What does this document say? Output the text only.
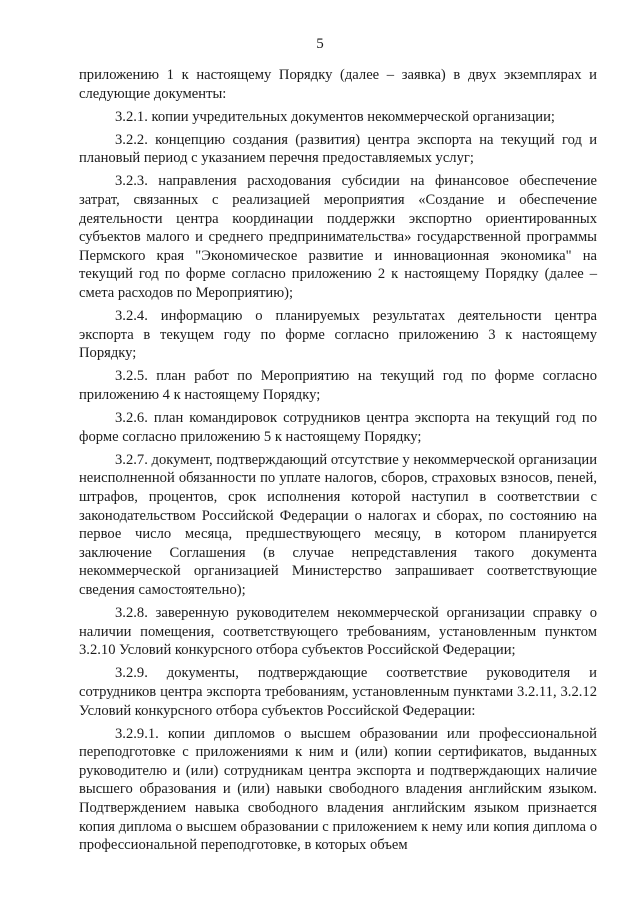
5

приложению 1 к настоящему Порядку (далее – заявка) в двух экземплярах и следующие документы:

3.2.1. копии учредительных документов некоммерческой организации;

3.2.2. концепцию создания (развития) центра экспорта на текущий год и плановый период с указанием перечня предоставляемых услуг;

3.2.3. направления расходования субсидии на финансовое обеспечение затрат, связанных с реализацией мероприятия «Создание и обеспечение деятельности центра координации поддержки экспортно ориентированных субъектов малого и среднего предпринимательства» государственной программы Пермского края "Экономическое развитие и инновационная экономика" на текущий год по форме согласно приложению 2 к настоящему Порядку (далее – смета расходов по Мероприятию);

3.2.4. информацию о планируемых результатах деятельности центра экспорта в текущем году по форме согласно приложению 3 к настоящему Порядку;

3.2.5. план работ по Мероприятию на текущий год по форме согласно приложению 4 к настоящему Порядку;

3.2.6. план командировок сотрудников центра экспорта на текущий год по форме согласно приложению 5 к настоящему Порядку;

3.2.7. документ, подтверждающий отсутствие у некоммерческой организации неисполненной обязанности по уплате налогов, сборов, страховых взносов, пеней, штрафов, процентов, срок исполнения которой наступил в соответствии с законодательством Российской Федерации о налогах и сборах, по состоянию на первое число месяца, предшествующего месяцу, в котором планируется заключение Соглашения (в случае непредставления такого документа некоммерческой организацией Министерство запрашивает соответствующие сведения самостоятельно);

3.2.8. заверенную руководителем некоммерческой организации справку о наличии помещения, соответствующего требованиям, установленным пунктом 3.2.10 Условий конкурсного отбора субъектов Российской Федерации;

3.2.9. документы, подтверждающие соответствие руководителя и сотрудников центра экспорта требованиям, установленным пунктами 3.2.11, 3.2.12 Условий конкурсного отбора субъектов Российской Федерации:

3.2.9.1. копии дипломов о высшем образовании или профессиональной переподготовке с приложениями к ним и (или) копии сертификатов, выданных руководителю и (или) сотрудникам центра экспорта и подтверждающих наличие высшего образования и (или) навыки свободного владения английским языком. Подтверждением навыка свободного владения английским языком признается копия диплома о высшем образовании с приложением к нему или копия диплома о профессиональной переподготовке, в которых объем
